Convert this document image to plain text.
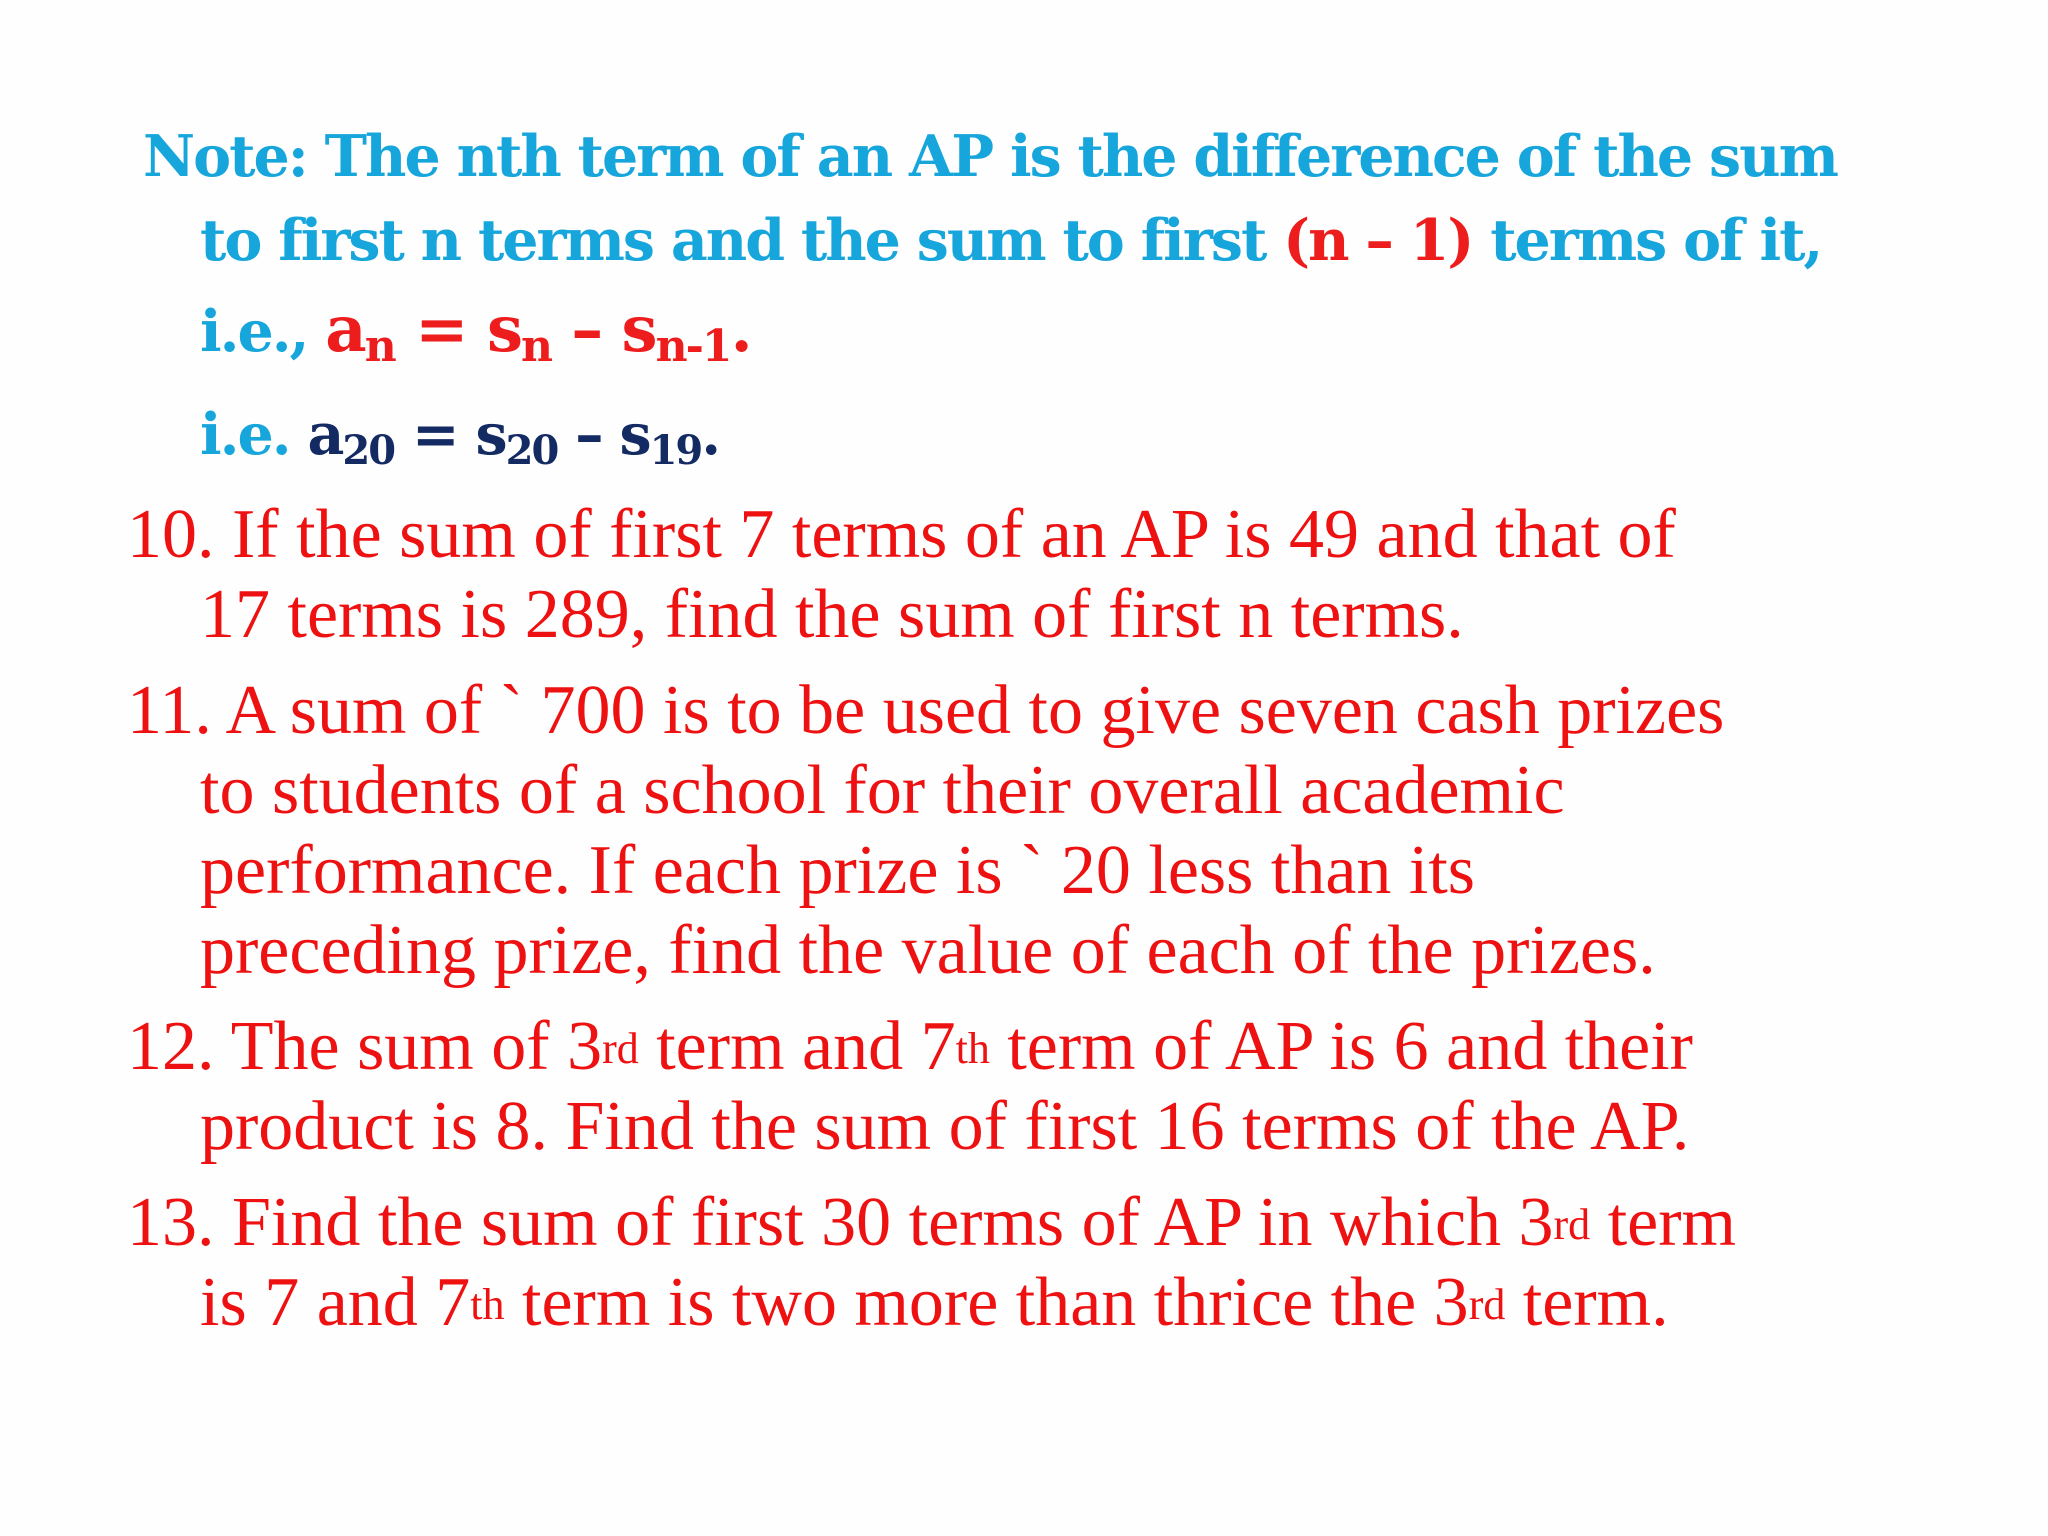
Note: The nth term of an AP is the difference of the sum
to first n terms and the sum to first (n – 1) terms of it,
i.e., an = sn – sn-1.
i.e. a20 = s20 – s19.
10. If the sum of first 7 terms of an AP is 49 and that of
17 terms is 289, find the sum of first n terms.
11. A sum of ` 700 is to be used to give seven cash prizes
to students of a school for their overall academic
performance. If each prize is ` 20 less than its
preceding prize, find the value of each of the prizes.
12. The sum of 3rd term and 7th term of AP is 6 and their
product is 8. Find the sum of first 16 terms of the AP.
13. Find the sum of first 30 terms of AP in which 3rd term
is 7 and 7th term is two more than thrice the 3rd term.
